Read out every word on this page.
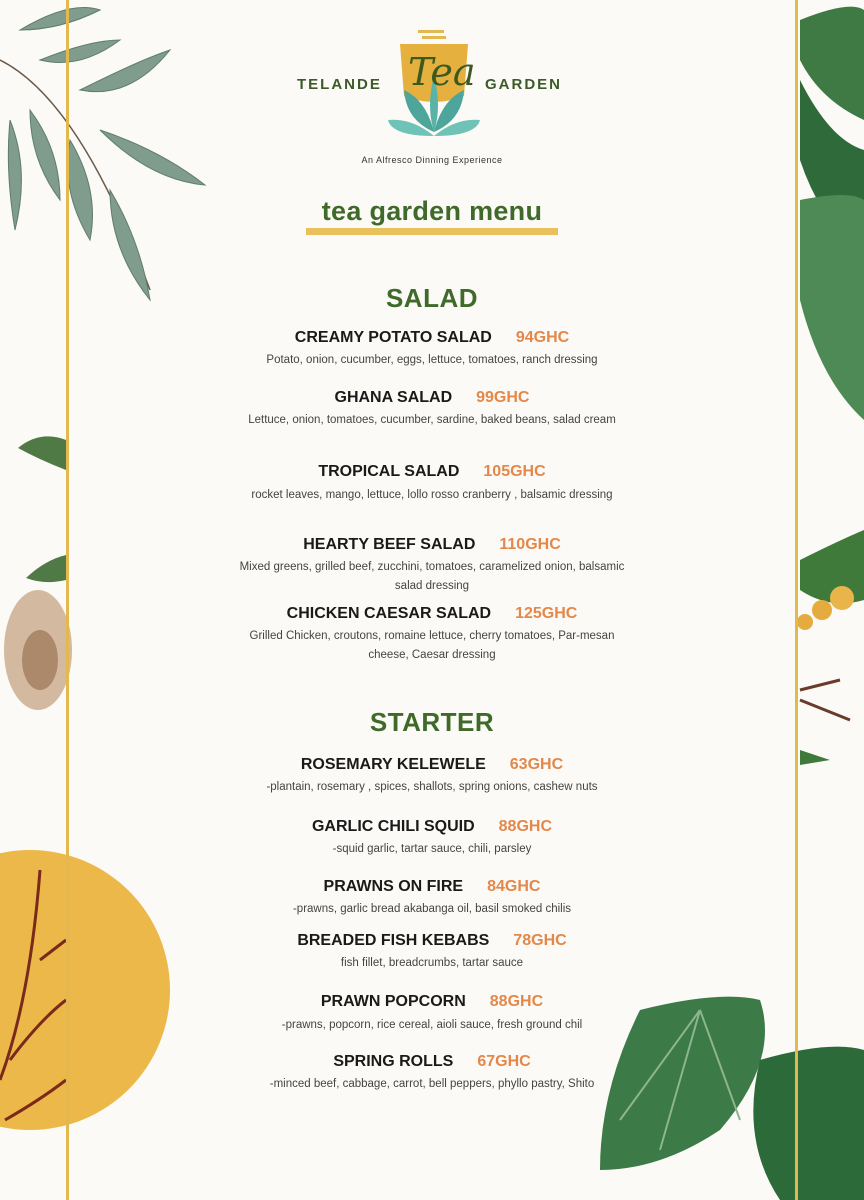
TELANDE Tea GARDEN
An Alfresco Dinning Experience
tea garden menu
SALAD
CREAMY POTATO SALAD 94GHC
Potato, onion, cucumber, eggs, lettuce, tomatoes, ranch dressing
GHANA SALAD 99GHC
Lettuce, onion, tomatoes, cucumber, sardine, baked beans, salad cream
TROPICAL SALAD 105GHC
rocket leaves, mango, lettuce, lollo rosso cranberry , balsamic dressing
HEARTY BEEF SALAD 110GHC
Mixed greens, grilled beef, zucchini, tomatoes, caramelized onion, balsamic salad dressing
CHICKEN CAESAR SALAD 125GHC
Grilled Chicken, croutons, romaine lettuce, cherry tomatoes, Par-mesan cheese, Caesar dressing
STARTER
ROSEMARY KELEWELE 63GHC
-plantain, rosemary , spices, shallots, spring onions, cashew nuts
GARLIC CHILI SQUID 88GHC
-squid garlic, tartar sauce, chili, parsley
PRAWNS ON FIRE 84GHC
-prawns, garlic bread akabanga oil, basil smoked chilis
BREADED FISH KEBABS 78GHC
fish fillet, breadcrumbs, tartar sauce
PRAWN POPCORN 88GHC
-prawns, popcorn, rice cereal, aioli sauce, fresh ground chil
SPRING ROLLS 67GHC
-minced beef, cabbage, carrot, bell peppers, phyllo pastry, Shito
